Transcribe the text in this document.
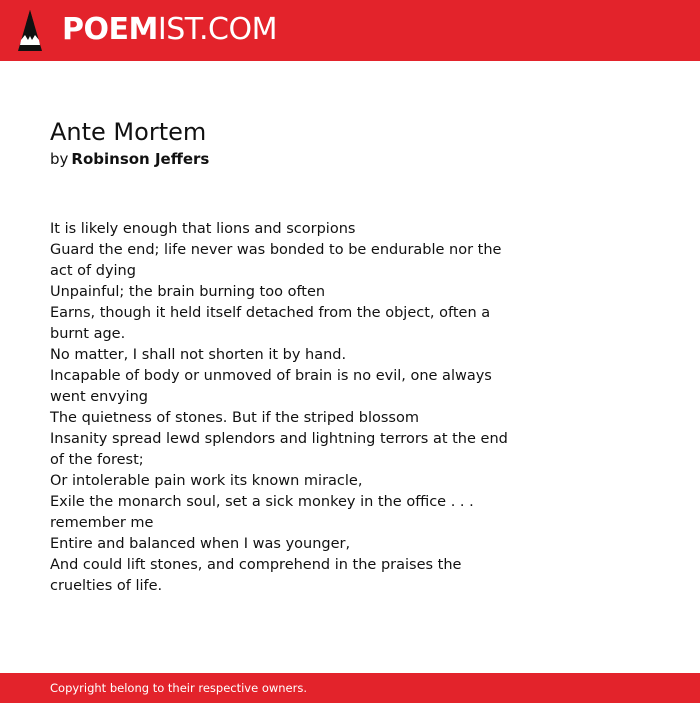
POEMIST.COM
Ante Mortem
by Robinson Jeffers

It is likely enough that lions and scorpions

Guard the end; life never was bonded to be endurable nor the act of dying

Unpainful; the brain burning too often

Earns, though it held itself detached from the object, often a burnt age.

No matter, I shall not shorten it by hand.

Incapable of body or unmoved of brain is no evil, one always went envying

The quietness of stones. But if the striped blossom

Insanity spread lewd splendors and lightning terrors at the end of the forest;

Or intolerable pain work its known miracle,

Exile the monarch soul, set a sick monkey in the office . . . remember me

Entire and balanced when I was younger,

And could lift stones, and comprehend in the praises the cruelties of life.

Copyright belong to their respective owners.
